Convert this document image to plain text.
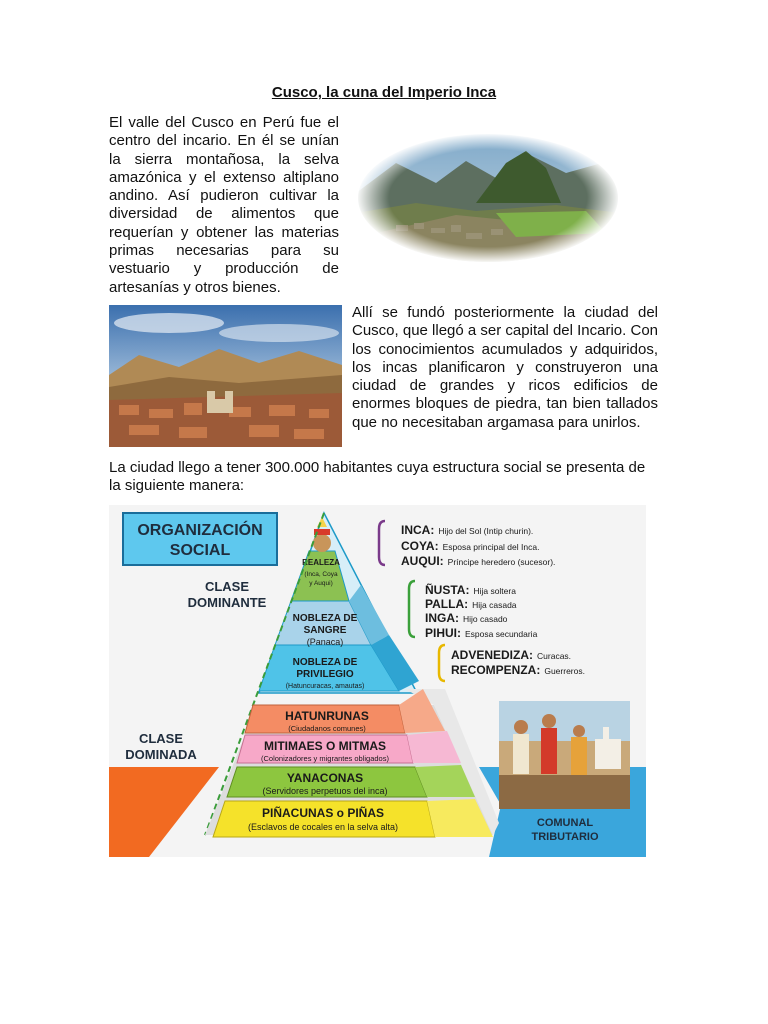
Cusco, la cuna del Imperio Inca

El valle del Cusco en Perú fue el centro del incario. En él se unían la sierra montañosa, la selva amazónica y el extenso altiplano andino. Así pudieron cultivar la diversidad de alimentos que requerían y obtener las materias primas necesarias para su vestuario y producción de artesanías y otros bienes.

Allí se fundó posteriormente la ciudad del Cusco, que llegó a ser capital del Incario. Con los conocimientos acumulados y adquiridos, los incas planificaron y construyeron una ciudad de grandes y ricos edificios de enormes bloques de piedra, tan bien tallados que no necesitaban argamasa para unirlos.

La ciudad llego a tener 300.000 habitantes cuya estructura social se presenta de la siguiente manera:

ORGANIZACIÓN
SOCIAL
REALEZA
(Inca, Coya
y Auqui)
NOBLEZA DE
SANGRE
(Panaca)
NOBLEZA DE
PRIVILEGIO
(Hatuncuracas, amautas)
CLASE
DOMINANTE
HATUNRUNAS
(Ciudadanos comunes)
MITIMAES O MITMAS
(Colonizadores y migrantes obligados)
YANACONAS
(Servidores perpetuos del inca)
PIÑACUNAS o PIÑAS
(Esclavos de cocales en la selva alta)
CLASE
DOMINADA
INCA: Hijo del Sol (Intip churin).
COYA: Esposa principal del Inca.
AUQUI: Príncipe heredero (sucesor).
ÑUSTA: Hija soltera
PALLA: Hija casada
INGA: Hijo casado
PIHUI: Esposa secundaria
ADVENEDIZA: Curacas.
RECOMPENZA: Guerreros.
COMUNAL
TRIBUTARIO
